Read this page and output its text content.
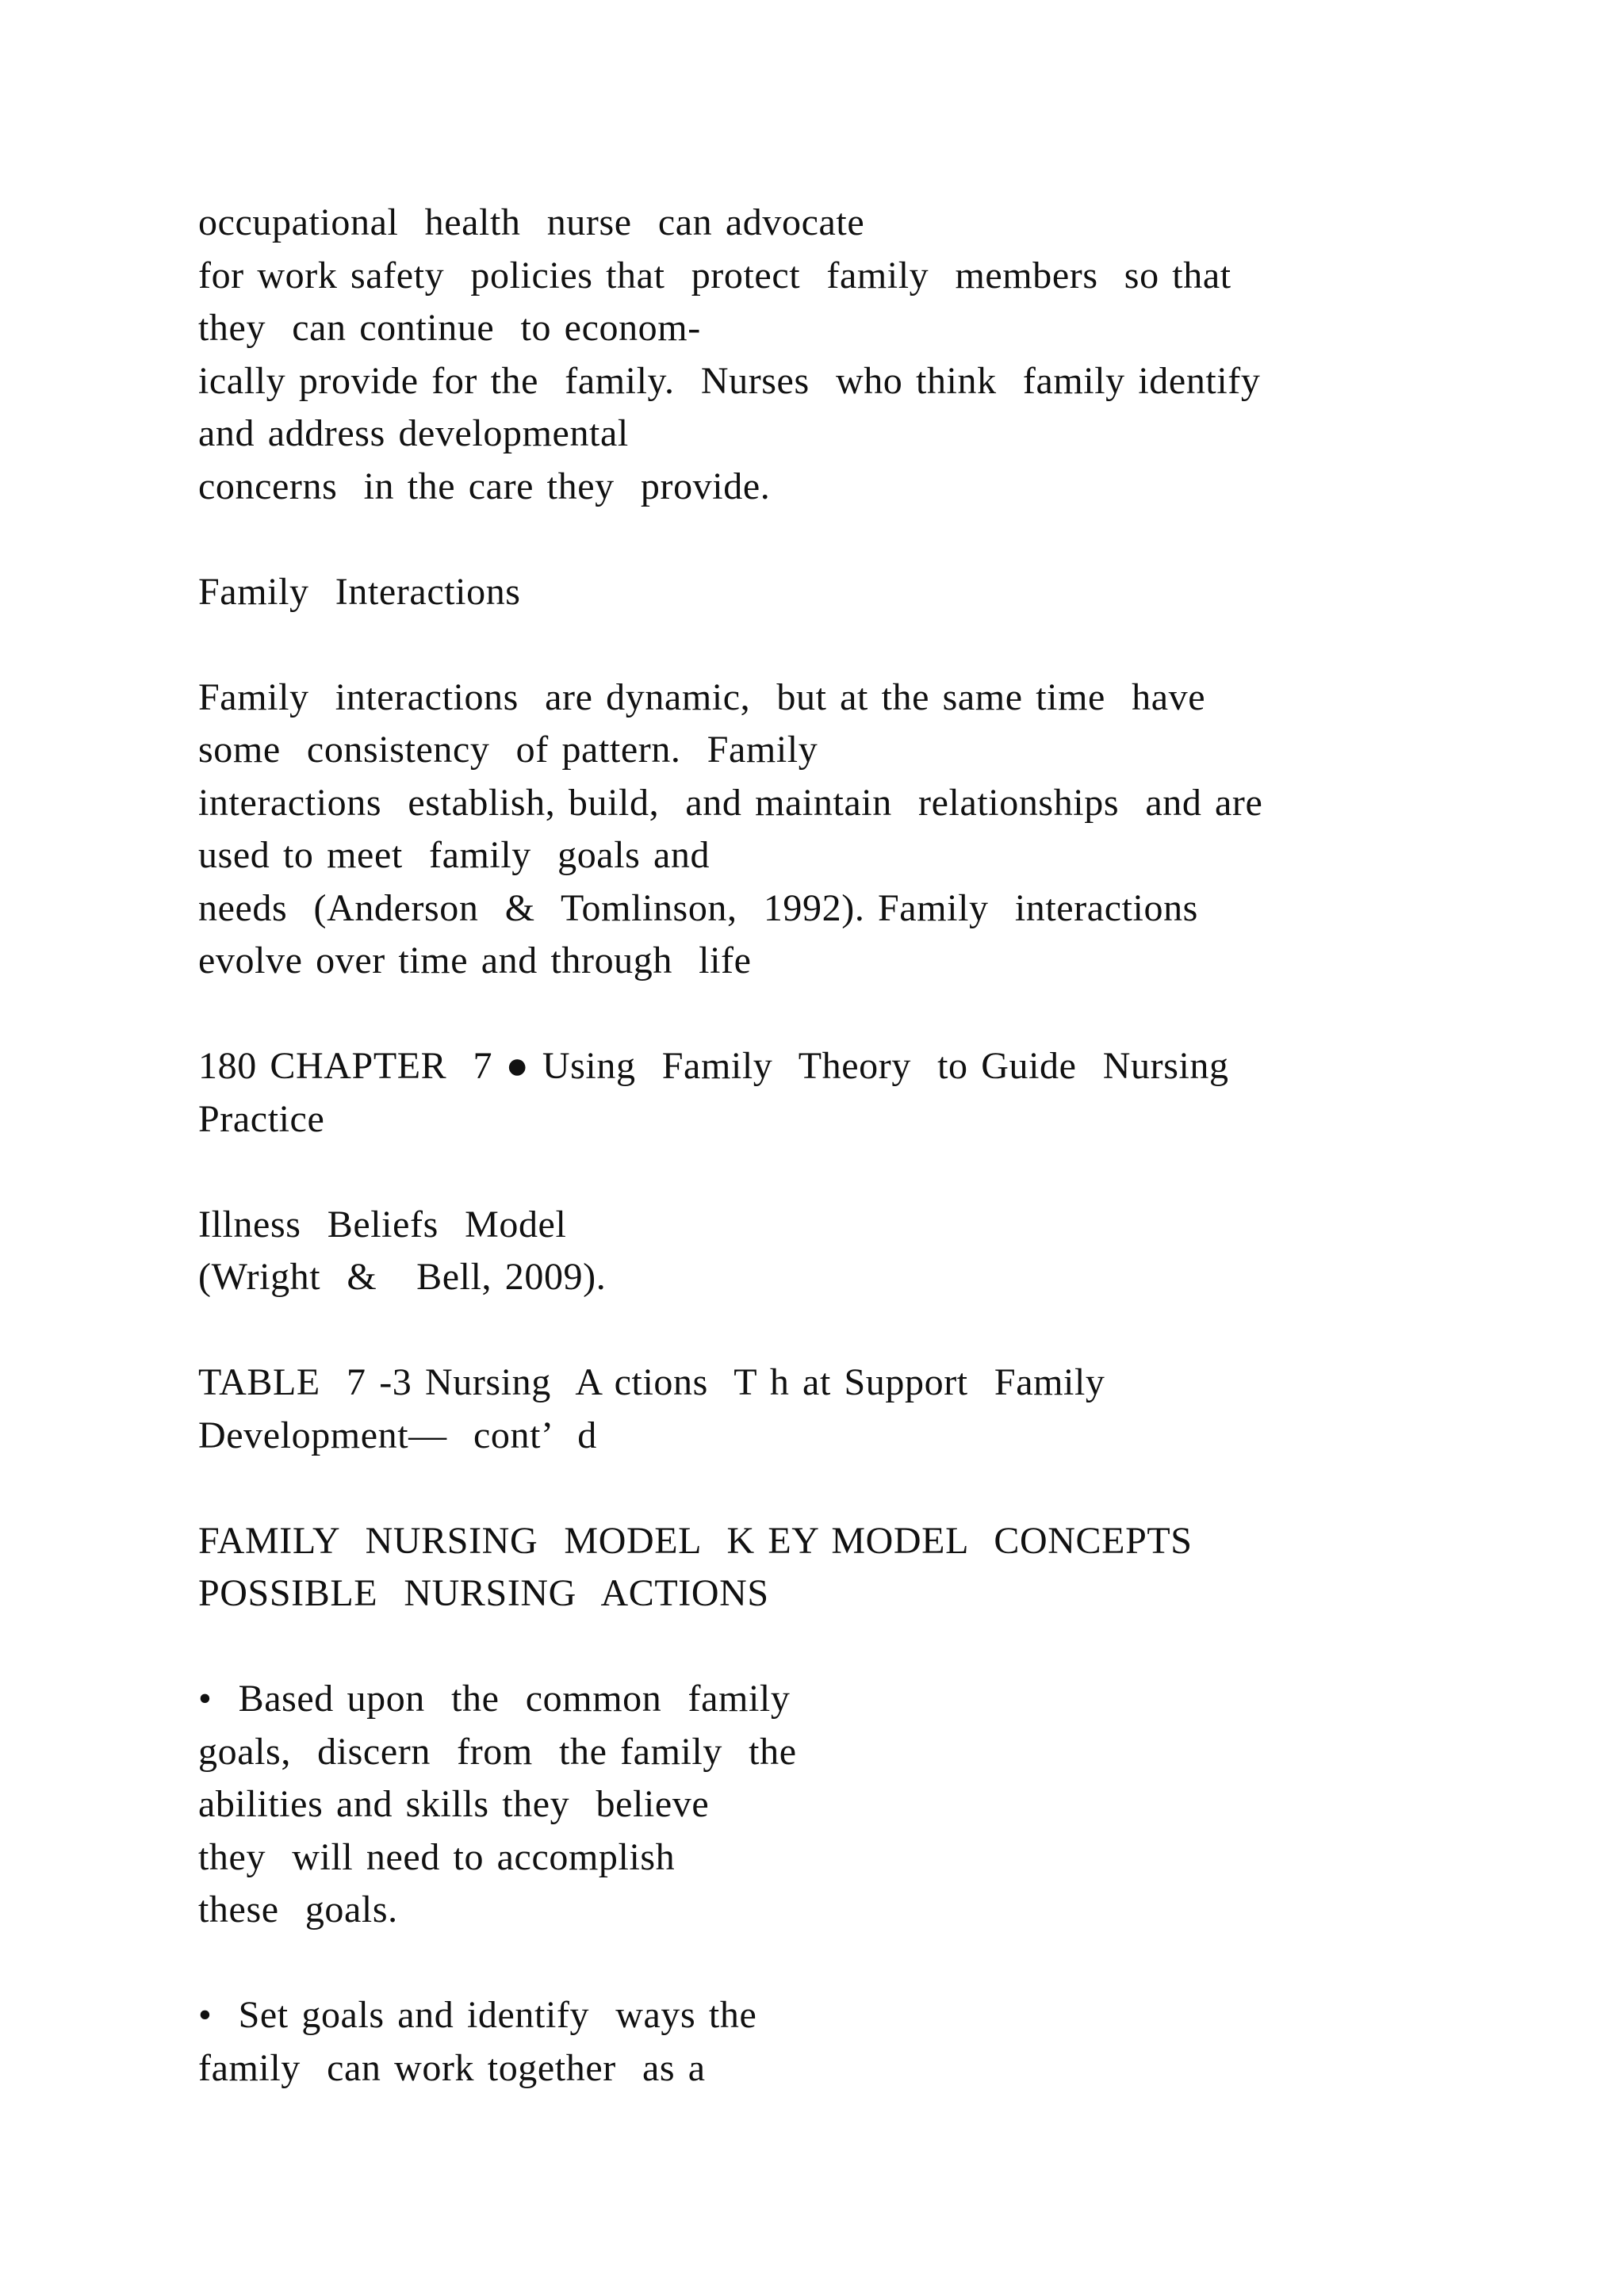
occupational  health  nurse  can advocate
for work safety  policies that  protect  family  members  so that
they  can continue  to econom-
ically provide for the  family.  Nurses  who think  family identify
and address developmental
concerns  in the care they  provide.
Family  Interactions
Family  interactions  are dynamic,  but at the same time  have
some  consistency  of pattern.  Family
interactions  establish, build,  and maintain  relationships  and are
used to meet  family  goals and
needs  (Anderson  &  Tomlinson,  1992). Family  interactions
evolve over time and through  life
180 CHAPTER  7 ● Using  Family  Theory  to Guide  Nursing
Practice
Illness  Beliefs  Model
(Wright  &   Bell, 2009).
TABLE  7 -3 Nursing  A ctions  T h at Support  Family
Development—  cont’  d
FAMILY  NURSING  MODEL  K EY MODEL  CONCEPTS
POSSIBLE  NURSING  ACTIONS
•  Based upon  the  common  family
goals,  discern  from  the family  the
abilities and skills they  believe
they  will need to accomplish
these  goals.
•  Set goals and identify  ways the
family  can work together  as a
